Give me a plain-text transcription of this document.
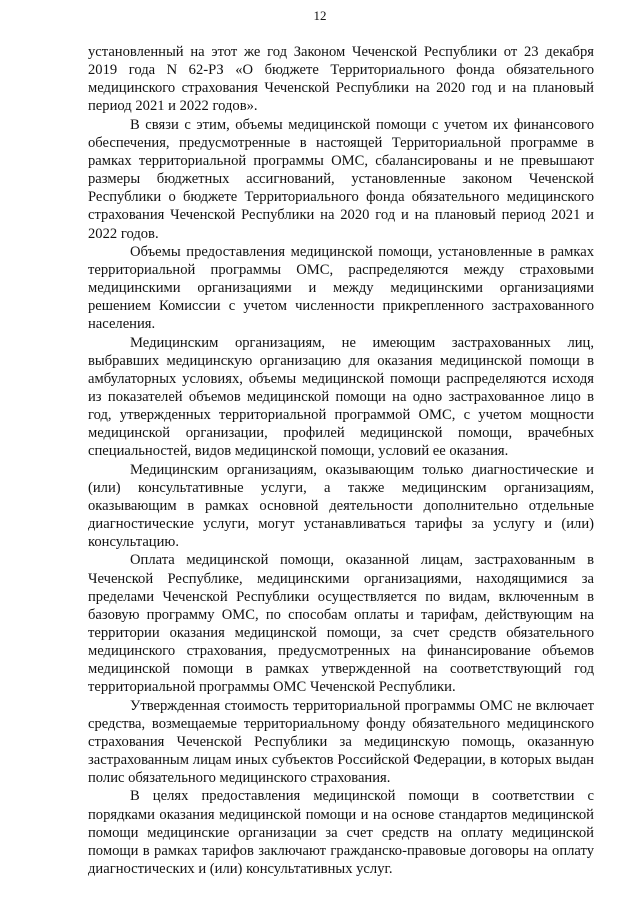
12

установленный на этот же год Законом Чеченской Республики от 23 декабря 2019 года N 62-РЗ «О бюджете Территориального фонда обязательного медицинского страхования Чеченской Республики на 2020 год и на плановый период 2021 и 2022 годов».

В связи с этим, объемы медицинской помощи с учетом их финансового обеспечения, предусмотренные в настоящей Территориальной программе в рамках территориальной программы ОМС, сбалансированы и не превышают размеры бюджетных ассигнований, установленные законом Чеченской Республики о бюджете Территориального фонда обязательного медицинского страхования Чеченской Республики на 2020 год и на плановый период 2021 и 2022 годов.

Объемы предоставления медицинской помощи, установленные в рамках территориальной программы ОМС, распределяются между страховыми медицинскими организациями и между медицинскими организациями решением Комиссии с учетом численности прикрепленного застрахованного населения.

Медицинским организациям, не имеющим застрахованных лиц, выбравших медицинскую организацию для оказания медицинской помощи в амбулаторных условиях, объемы медицинской помощи распределяются исходя из показателей объемов медицинской помощи на одно застрахованное лицо в год, утвержденных территориальной программой ОМС, с учетом мощности медицинской организации, профилей медицинской помощи, врачебных специальностей, видов медицинской помощи, условий ее оказания.

Медицинским организациям, оказывающим только диагностические и (или) консультативные услуги, а также медицинским организациям, оказывающим в рамках основной деятельности дополнительно отдельные диагностические услуги, могут устанавливаться тарифы за услугу и (или) консультацию.

Оплата медицинской помощи, оказанной лицам, застрахованным в Чеченской Республике, медицинскими организациями, находящимися за пределами Чеченской Республики осуществляется по видам, включенным в базовую программу ОМС, по способам оплаты и тарифам, действующим на территории оказания медицинской помощи, за счет средств обязательного медицинского страхования, предусмотренных на финансирование объемов медицинской помощи в рамках утвержденной на соответствующий год территориальной программы ОМС Чеченской Республики.

Утвержденная стоимость территориальной программы ОМС не включает средства, возмещаемые территориальному фонду обязательного медицинского страхования Чеченской Республики за медицинскую помощь, оказанную застрахованным лицам иных субъектов Российской Федерации, в которых выдан полис обязательного медицинского страхования.

В целях предоставления медицинской помощи в соответствии с порядками оказания медицинской помощи и на основе стандартов медицинской помощи медицинские организации за счет средств на оплату медицинской помощи в рамках тарифов заключают гражданско-правовые договоры на оплату диагностических и (или) консультативных услуг.
